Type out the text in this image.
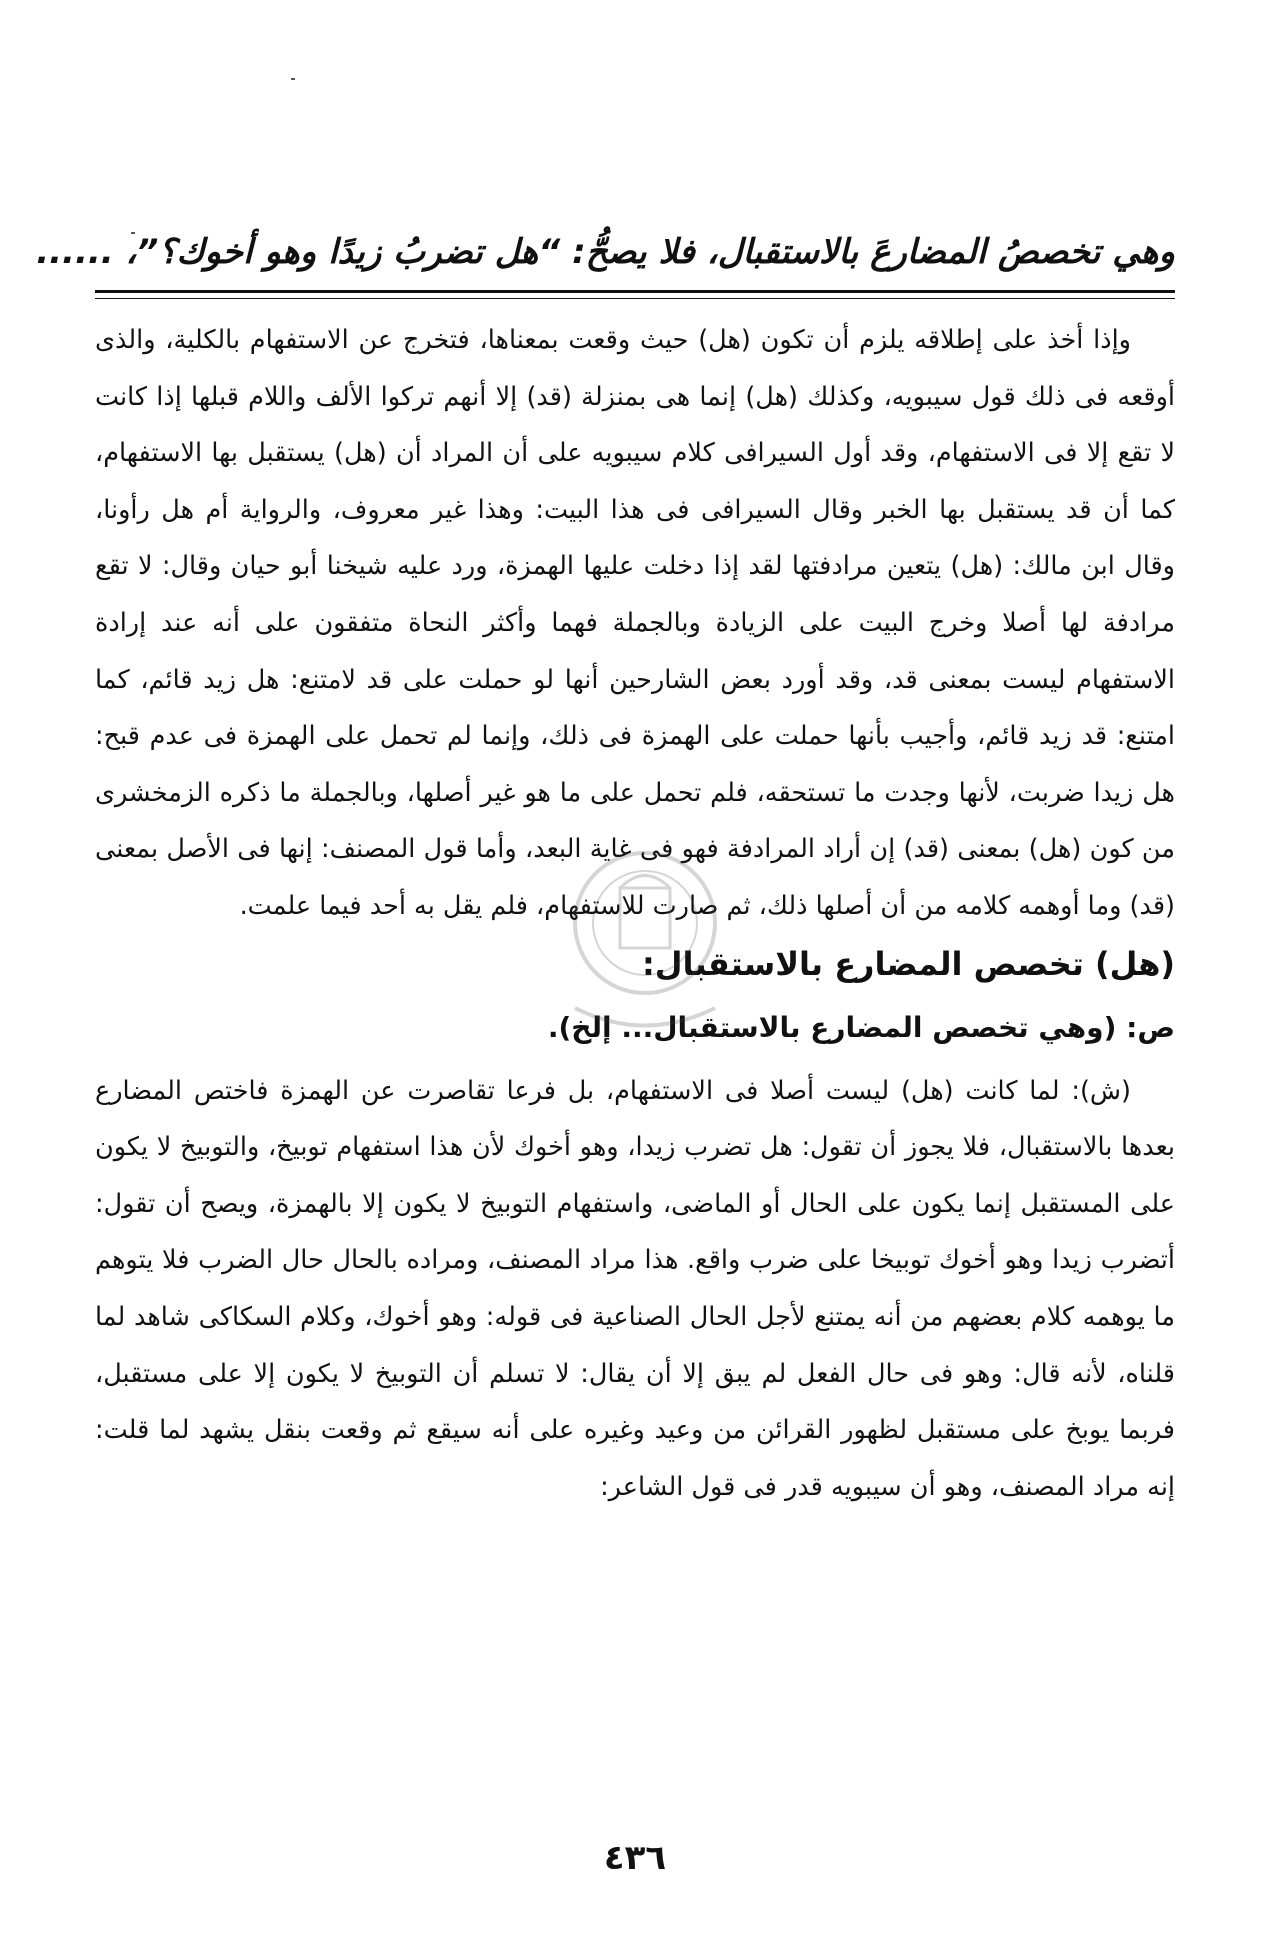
وهي تخصصُ المضارعَ بالاستقبال، فلا يصحُّ: “هل تضربُ زيدًا وهو أخوك؟”، ......

وإذا أخذ على إطلاقه يلزم أن تكون (هل) حيث وقعت بمعناها، فتخرج عن الاستفهام بالكلية، والذى أوقعه فى ذلك قول سيبويه، وكذلك (هل) إنما هى بمنزلة (قد) إلا أنهم تركوا الألف واللام قبلها إذا كانت لا تقع إلا فى الاستفهام، وقد أول السيرافى كلام سيبويه على أن المراد أن (هل) يستقبل بها الاستفهام، كما أن قد يستقبل بها الخبر وقال السيرافى فى هذا البيت: وهذا غير معروف، والرواية أم هل رأونا، وقال ابن مالك: (هل) يتعين مرادفتها لقد إذا دخلت عليها الهمزة، ورد عليه شيخنا أبو حيان وقال: لا تقع مرادفة لها أصلا وخرج البيت على الزيادة وبالجملة فهما وأكثر النحاة متفقون على أنه عند إرادة الاستفهام ليست بمعنى قد، وقد أورد بعض الشارحين أنها لو حملت على قد لامتنع: هل زيد قائم، كما امتنع: قد زيد قائم، وأجيب بأنها حملت على الهمزة فى ذلك، وإنما لم تحمل على الهمزة فى عدم قبح: هل زيدا ضربت، لأنها وجدت ما تستحقه، فلم تحمل على ما هو غير أصلها، وبالجملة ما ذكره الزمخشرى من كون (هل) بمعنى (قد) إن أراد المرادفة فهو فى غاية البعد، وأما قول المصنف: إنها فى الأصل بمعنى (قد) وما أوهمه كلامه من أن أصلها ذلك، ثم صارت للاستفهام، فلم يقل به أحد فيما علمت.

(هل) تخصص المضارع بالاستقبال:

ص: (وهي تخصص المضارع بالاستقبال... إلخ).

(ش): لما كانت (هل) ليست أصلا فى الاستفهام، بل فرعا تقاصرت عن الهمزة فاختص المضارع بعدها بالاستقبال، فلا يجوز أن تقول: هل تضرب زيدا، وهو أخوك لأن هذا استفهام توبيخ، والتوبيخ لا يكون على المستقبل إنما يكون على الحال أو الماضى، واستفهام التوبيخ لا يكون إلا بالهمزة، ويصح أن تقول: أتضرب زيدا وهو أخوك توبيخا على ضرب واقع. هذا مراد المصنف، ومراده بالحال حال الضرب فلا يتوهم ما يوهمه كلام بعضهم من أنه يمتنع لأجل الحال الصناعية فى قوله: وهو أخوك، وكلام السكاكى شاهد لما قلناه، لأنه قال: وهو فى حال الفعل لم يبق إلا أن يقال: لا تسلم أن التوبيخ لا يكون إلا على مستقبل، فربما يوبخ على مستقبل لظهور القرائن من وعيد وغيره على أنه سيقع ثم وقعت بنقل يشهد لما قلت: إنه مراد المصنف، وهو أن سيبويه قدر فى قول الشاعر:

٤٣٦
